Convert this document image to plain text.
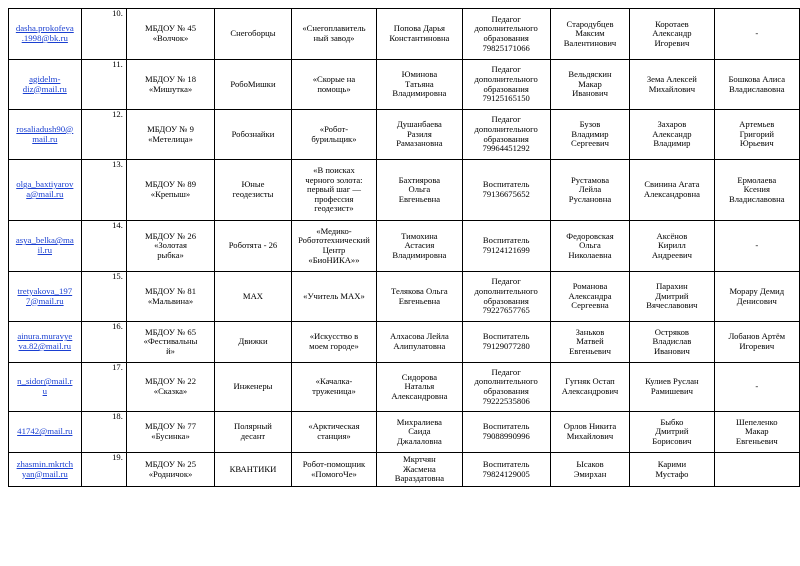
dasha.prokofeva
.1998@bk.ru	10.	МБДОУ № 45
«Волчок»	Снегоборцы	«Снегоплавитель
ный завод»	Попова Дарья
Константиновна	Педагог
дополнительного
образования
79825171066	Стародубцев
Максим
Валентинович	Коротаев
Александр
Игоревич	-
agidelm-
diz@mail.ru	11.	МБДОУ № 18
«Мишутка»	РобоМишки	«Скорые на
помощь»	Юминова
Татьяна
Владимировна	Педагог
дополнительного
образования
79125165150	Вельдяскин
Макар
Иванович	Зема Алексей
Михайлович	Бошкова Алиса
Владиславовна
rosaliadush90@
mail.ru	12.	МБДОУ № 9
«Метелица»	Робознайки	«Робот-
бурильщик»	Душанбаева
Разиля
Рамазановна	Педагог
дополнительного
образования
79964451292	Бузов
Владимир
Сергеевич	Захаров
Александр
Владимир	Артемьев
Григорий
Юрьевич
olga_baxtiyarov
a@mail.ru	13.	МБДОУ № 89
«Крепыш»	Юные
геодезисты	«В поисках
черного золота:
первый шаг —
профессия
геодезист»	Бахтиярова
Ольга
Евгеньевна	Воспитатель
79136675652	Рустамова
Лейла
Руслановна	Свинина Агата
Александровна	Ермолаева
Ксения
Владиславовна
asya_belka@ma
il.ru	14.	МБДОУ № 26
«Золотая
рыбка»	Роботята - 26	«Медико-
Робототехнический
Центр
«БиоНИКА»»	Тимохина
Астасия
Владимировна	Воспитатель
79124121699	Федоровская
Ольга
Николаевна	Аксёнов
Кирилл
Андреевич	-
tretyakova_197
7@mail.ru	15.	МБДОУ № 81
«Мальвина»	MAX	«Учитель MAX»	Телякова Ольга
Евгеньевна	Педагог
дополнительного
образования
79227657765	Романова
Александра
Сергеевна	Парахин
Дмитрий
Вячеславович	Морару Демид
Денисович
ainura.muravye
va.82@mail.ru	16.	МБДОУ № 65
«Фестивальны
й»	Движки	«Искусство в
моем городе»	Алхасова Лейла
Алипулатовна	Воспитатель
79129077280	Заньков
Матвей
Евгеньевич	Остряков
Владислав
Иванович	Лобанов Артём
Игоревич
n_sidor@mail.r
u	17.	МБДОУ № 22
«Сказка»	Инженеры	«Качалка-
труженица»	Сидорова
Наталья
Александровна	Педагог
дополнительного
образования
79222535806	Гугняк Остап
Александрович	Кулиев Руслан
Рамишевич	-
41742@mail.ru	18.	МБДОУ № 77
«Бусинка»	Полярный
десант	«Арктическая
станция»	Михралиева
Саида
Джалаловна	Воспитатель
79088990996	Орлов Никита
Михайлович	Быбко
Дмитрий
Борисович	Шепеленко
Макар
Евгеньевич
zhasmin.mkrtch
yan@mail.ru	19.	МБДОУ № 25
«Родничок»	КВАНТИКИ	Робот-помощник
«ПомогоЧе»	Мкртчян
Жасмена
Вараздатовна	Воспитатель
79824129005	Ысаков
Эмирхан	Карими
Мустафо	
